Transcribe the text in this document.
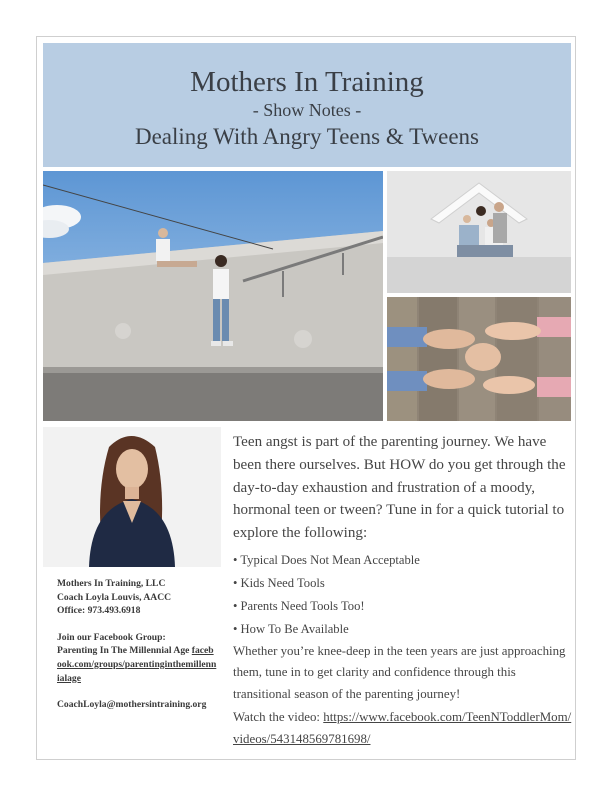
Mothers In Training
- Show Notes -
Dealing With Angry Teens & Tweens
Mothers In Training, LLC
Coach Loyla Louvis, AACC
Office: 973.493.6918
Join our Facebook Group:
Parenting In The Millennial Age facebook.com/groups/parentinginthemillennialage
CoachLoyla@mothersintraining.org

Teen angst is part of the parenting journey. We have been there ourselves. But HOW do you get through the day-to-day exhaustion and frustration of a moody, hormonal teen or tween? Tune in for a quick tutorial to explore the following:

• Typical Does Not Mean Acceptable
• Kids Need Tools
• Parents Need Tools Too!
• How To Be Available

Whether you’re knee-deep in the teen years are just approaching them, tune in to get clarity and confidence through this transitional season of the parenting journey!

Watch the video: https://www.facebook.com/TeenNToddlerMom/videos/543148569781698/
